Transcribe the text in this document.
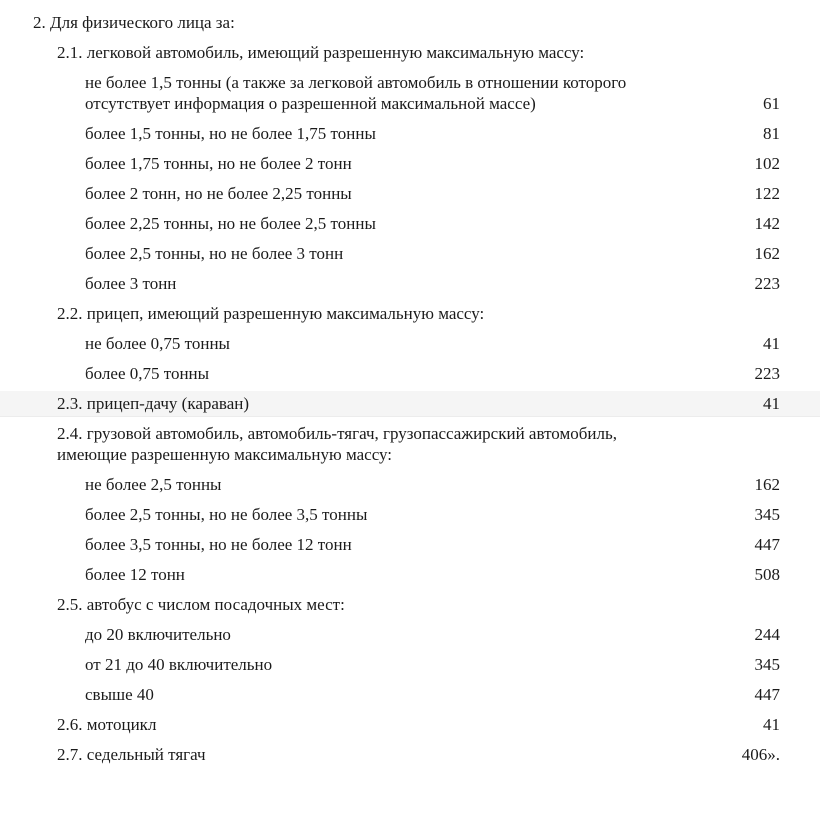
2. Для физического лица за:
2.1. легковой автомобиль, имеющий разрешенную максимальную массу:
не более 1,5 тонны (а также за легковой автомобиль в отношении которого отсутствует информация о разрешенной максимальной массе)	61
более 1,5 тонны, но не более 1,75 тонны	81
более 1,75 тонны, но не более 2 тонн	102
более 2 тонн, но не более 2,25 тонны	122
более 2,25 тонны, но не более 2,5 тонны	142
более 2,5 тонны, но не более 3 тонн	162
более 3 тонн	223
2.2. прицеп, имеющий разрешенную максимальную массу:
не более 0,75 тонны	41
более 0,75 тонны	223
2.3. прицеп-дачу (караван)	41
2.4. грузовой автомобиль, автомобиль-тягач, грузопассажирский автомобиль, имеющие разрешенную максимальную массу:
не более 2,5 тонны	162
более 2,5 тонны, но не более 3,5 тонны	345
более 3,5 тонны, но не более 12 тонн	447
более 12 тонн	508
2.5. автобус с числом посадочных мест:
до 20 включительно	244
от 21 до 40 включительно	345
свыше 40	447
2.6. мотоцикл	41
2.7. седельный тягач	406».
